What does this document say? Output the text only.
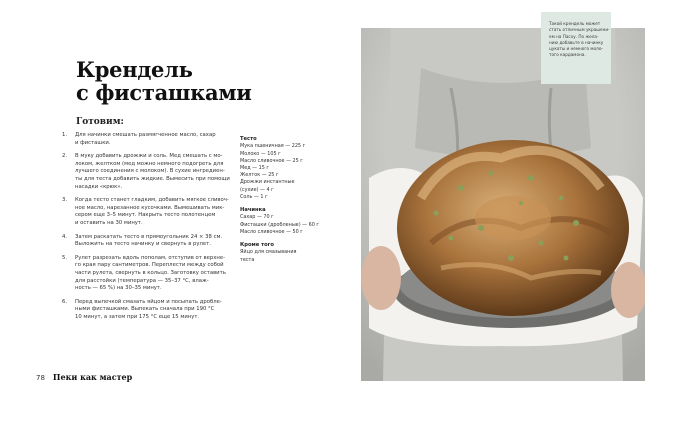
Крендель
с фисташками
Готовим:
1.	Для начинки смешать размягченное масло, сахар
и фисташки.
2.	В муку добавить дрожжи и соль. Мед смешать с мо-
локом, желтком (мед можно немного подогреть для
лучшего соединения с молоком). В сухие ингредиен-
ты для теста добавить жидкие. Вымесить при помощи
насадки «крюк».
3.	Когда тесто станет гладким, добавить мягкое сливоч-
ное масло, нарезанное кусочками. Вымешивать мик-
сером еще 3–5 минут. Накрыть тесто полотенцем
и оставить на 30 минут.
4.	Затем раскатать тесто в прямоугольник 24 × 38 см.
Выложить на тесто начинку и свернуть в рулет.
5.	Рулет разрезать вдоль пополам, отступив от верхне-
го края пару сантиметров. Переплести между собой
части рулета, свернуть в кольцо. Заготовку оставить
для расстойки (температура — 35–37 °С, влаж-
ность — 65 %) на 30–35 минут.
6.	Перед выпечкой смазать яйцом и посыпать дробле-
ными фисташками. Выпекать сначала при 190 °С
10 минут, а затем при 175 °С еще 15 минут.
Тесто
Мука пшеничная — 225 г
Молоко — 105 г
Масло сливочное — 25 г
Мед — 15 г
Желток — 25 г
Дрожжи инстантные
(сухие) — 4 г
Соль — 1 г
Начинка
Сахар — 70 г
Фисташки (дробленые) — 60 г
Масло сливочное — 50 г
Кроме того
Яйцо для смазывания
теста
78 Пеки как мастер
Такой крендель может
стать отличным украшени-
ем на Пасху. По жела-
нию добавьте в начинку
цукаты и немного моло-
того кардамона.
